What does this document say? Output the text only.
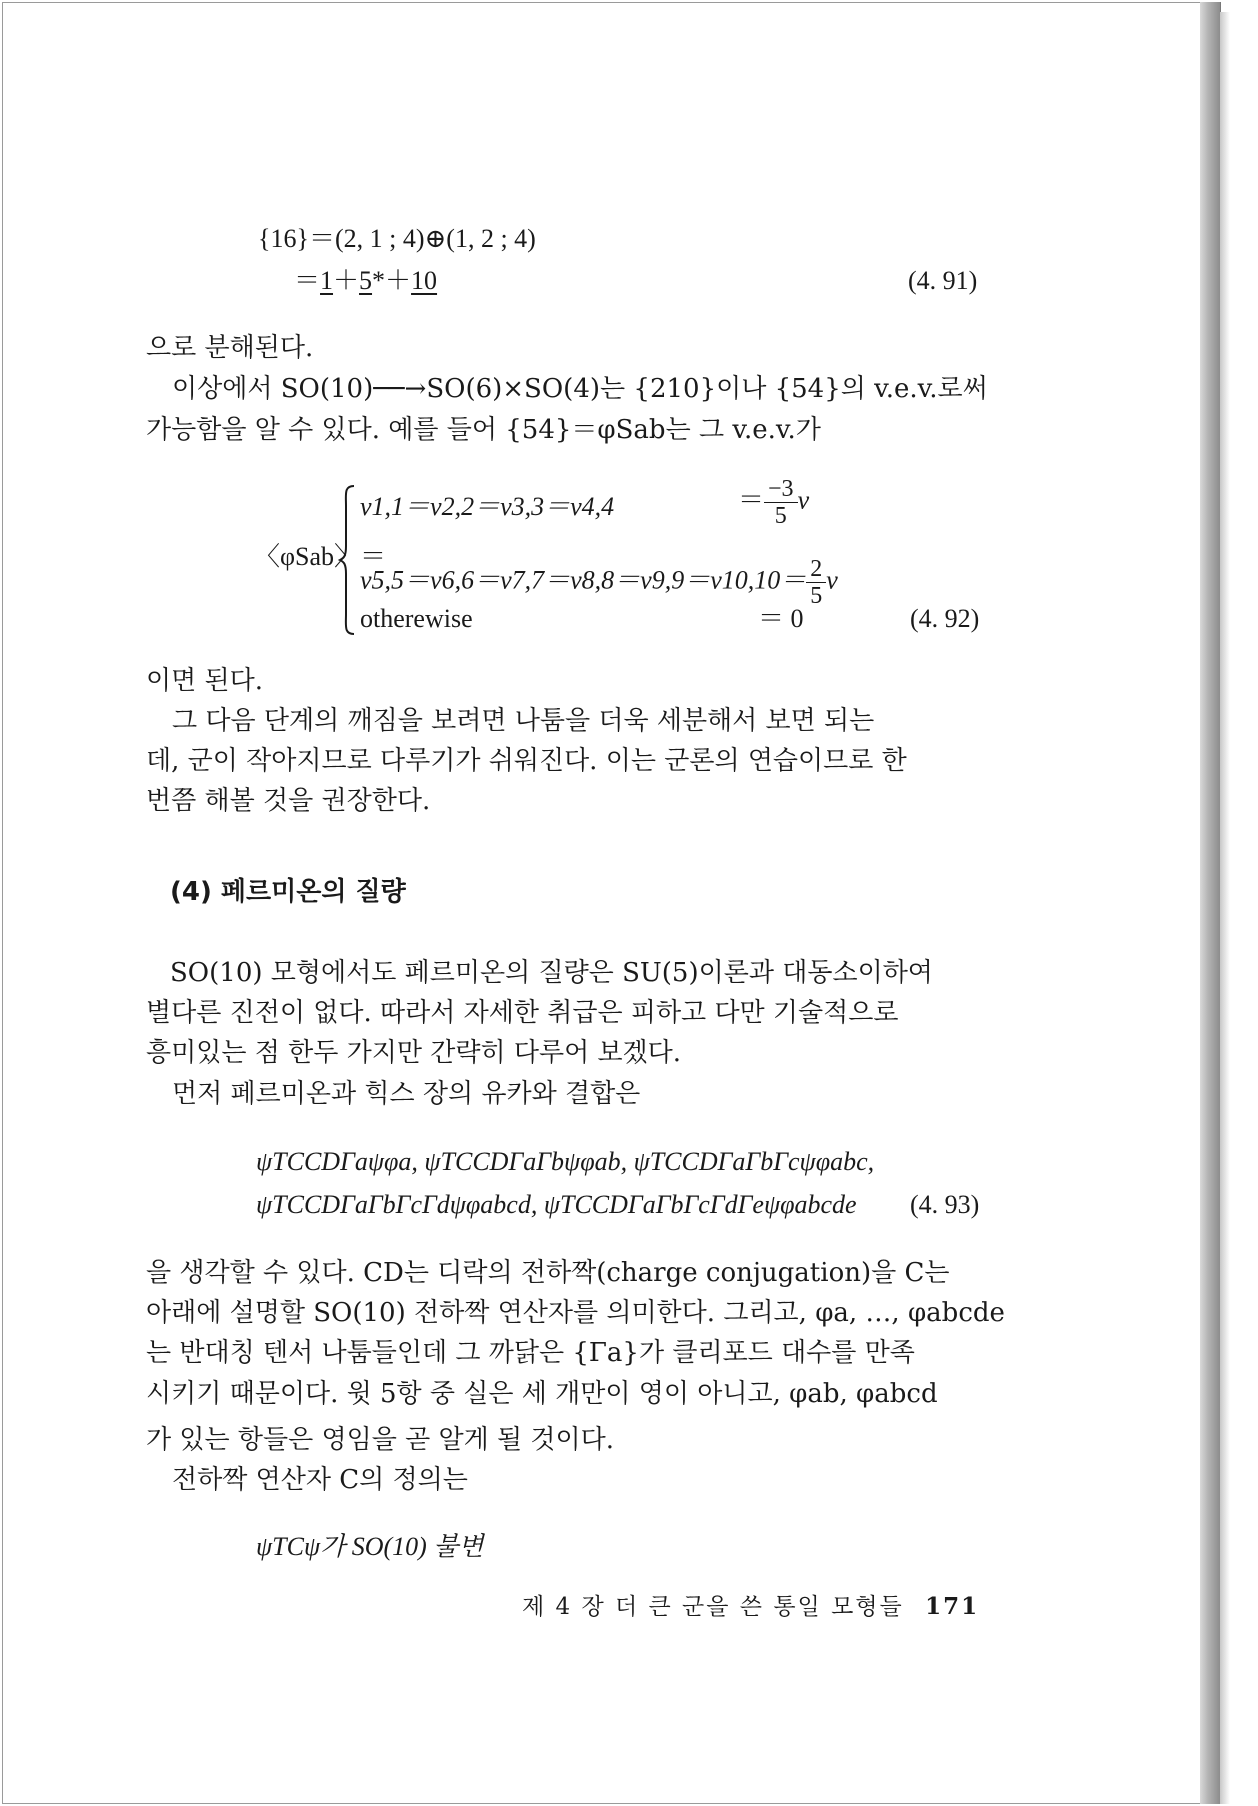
{16}＝(2, 1 ; 4)⊕(1, 2 ; 4)
＝1＋5*＋10	(4. 91)
으로 분해된다.
이상에서 SO(10)──→SO(6)×SO(4)는 {210}이나 {54}의 v.e.v.로써
가능함을 알 수 있다. 예를 들어 {54}＝φSab는 그 v.e.v.가
〈φSab〉＝
v1,1＝v2,2＝v3,3＝v4,4	＝ $\frac{-3}{5}$ v
$v5,5=v6,6=v7,7=v8,8=v9,9=v10,10= \frac{2}{5}$ v
otherewise	＝ 0	(4. 92)
이면 된다.
그 다음 단계의 깨짐을 보려면 나툼을 더욱 세분해서 보면 되는
데, 군이 작아지므로 다루기가 쉬워진다. 이는 군론의 연습이므로 한
번쯤 해볼 것을 권장한다.
(4) 페르미온의 질량
SO(10) 모형에서도 페르미온의 질량은 SU(5)이론과 대동소이하여
별다른 진전이 없다. 따라서 자세한 취급은 피하고 다만 기술적으로
흥미있는 점 한두 가지만 간략히 다루어 보겠다.
먼저 페르미온과 힉스 장의 유카와 결합은
ψTCCDΓaψφa, ψTCCDΓaΓbψφab, ψTCCDΓaΓbΓcψφabc,
ψTCCDΓaΓbΓcΓdψφabcd, ψTCCDΓaΓbΓcΓdΓeψφabcde (4. 93)
을 생각할 수 있다. CD는 디락의 전하짝(charge conjugation)을 C는
아래에 설명할 SO(10) 전하짝 연산자를 의미한다. 그리고, φa, …, φabcde
는 반대칭 텐서 나툼들인데 그 까닭은 {Γa}가 클리포드 대수를 만족
시키기 때문이다. 윗 5항 중 실은 세 개만이 영이 아니고, φab, φabcd
가 있는 항들은 영임을 곧 알게 될 것이다.
전하짝 연산자 C의 정의는
ψTCψ가 SO(10) 불변
제 4 장 더 큰 군을 쓴 통일 모형들 171
